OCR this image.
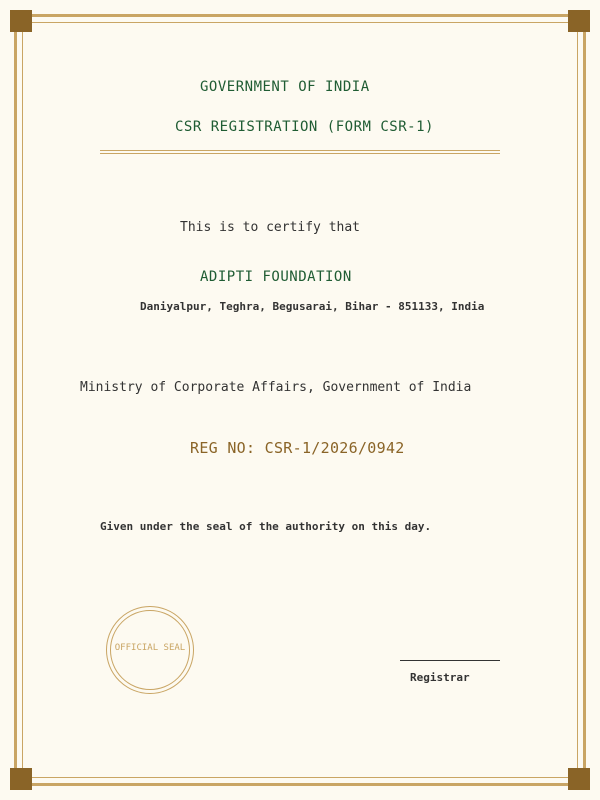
GOVERNMENT OF INDIA
CSR REGISTRATION (FORM CSR-1)
This is to certify that
ADIPTI FOUNDATION
Daniyalpur, Teghra, Begusarai, Bihar - 851133, India
Ministry of Corporate Affairs, Government of India
REG NO: CSR-1/2026/0942
Given under the seal of the authority on this day.
OFFICIAL SEAL
Registrar
